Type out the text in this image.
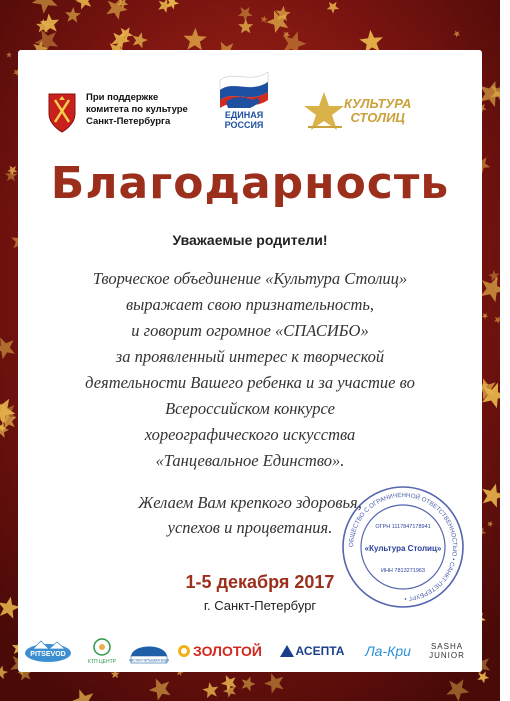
При поддержке
комитета по культуре
Санкт-Петербурга
ЕДИНАЯ
РОССИЯ
КУЛЬТУРА
СТОЛИЦ
Благодарность
Уважаемые родители!
Творческое объединение «Культура Столиц»
выражает свою признательность,
и говорит огромное «СПАСИБО»
за проявленный интерес к творческой
деятельности Вашего ребенка и за участие во
Всероссийском конкурсе
хореографического искусства
«Танцевальное Единство».
Желаем Вам крепкого здоровья,
успехов и процветания.
1-5 декабря 2017
г. Санкт-Петербург
ОБЩЕСТВО С ОГРАНИЧЕННОЙ ОТВЕТСТВЕННОСТЬЮ • САНКТ-ПЕТЕРБУРГ •
ОГРН 1117847178941
«Культура Столиц»
ИНН 7813271963
PITSEVOD
КТП ЦЕНТР	ЧИСТАЯ ПИТЬЕВАЯ ВОДА
ЗОЛОТОЙ	АСЕПТА Ла-Кри	SASHA
JUNIOR
